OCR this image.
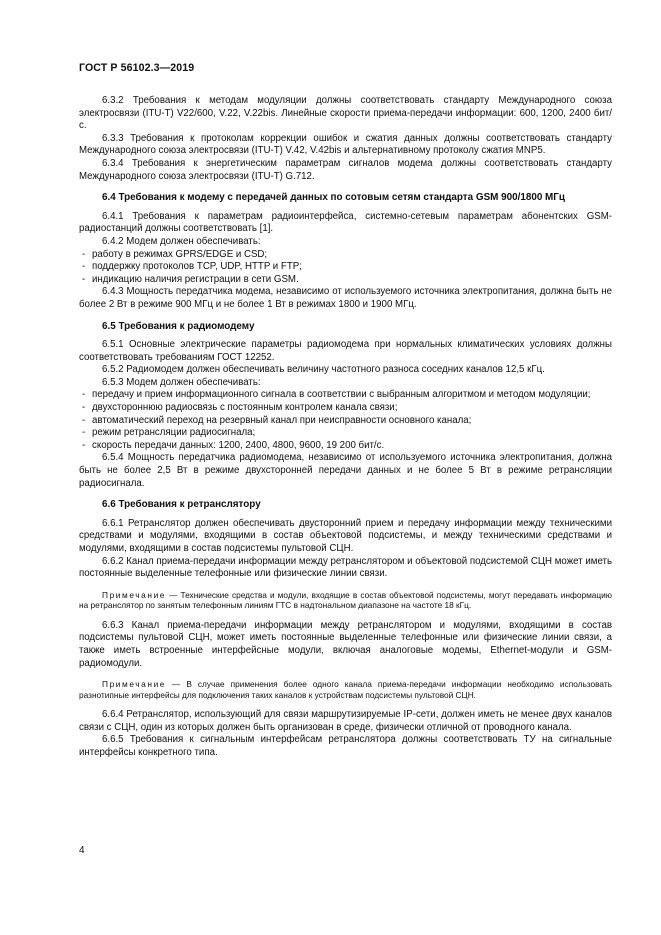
ГОСТ Р 56102.3—2019

6.3.2 Требования к методам модуляции должны соответствовать стандарту Международного союза электросвязи (ITU-T) V22/600, V.22, V.22bis. Линейные скорости приема-передачи информации: 600, 1200, 2400 бит/с.

6.3.3 Требования к протоколам коррекции ошибок и сжатия данных должны соответствовать стандарту Международного союза электросвязи (ITU-T) V.42, V.42bis и альтернативному протоколу сжатия MNP5.

6.3.4 Требования к энергетическим параметрам сигналов модема должны соответствовать стандарту Международного союза электросвязи (ITU-T) G.712.

6.4 Требования к модему с передачей данных по сотовым сетям стандарта GSM 900/1800 МГц

6.4.1 Требования к параметрам радиоинтерфейса, системно-сетевым параметрам абонентских GSM-радиостанций должны соответствовать [1].

6.4.2 Модем должен обеспечивать:

- работу в режимах GPRS/EDGE и CSD;

- поддержку протоколов TCP, UDP, HTTP и FTP;

- индикацию наличия регистрации в сети GSM.

6.4.3 Мощность передатчика модема, независимо от используемого источника электропитания, должна быть не более 2 Вт в режиме 900 МГц и не более 1 Вт в режимах 1800 и 1900 МГц.

6.5 Требования к радиомодему

6.5.1 Основные электрические параметры радиомодема при нормальных климатических условиях должны соответствовать требованиям ГОСТ 12252.

6.5.2 Радиомодем должен обеспечивать величину частотного разноса соседних каналов 12,5 кГц.

6.5.3 Модем должен обеспечивать:

- передачу и прием информационного сигнала в соответствии с выбранным алгоритмом и методом модуляции;

- двухстороннюю радиосвязь с постоянным контролем канала связи;

- автоматический переход на резервный канал при неисправности основного канала;

- режим ретрансляции радиосигнала;

- скорость передачи данных: 1200, 2400, 4800, 9600, 19 200 бит/с.

6.5.4 Мощность передатчика радиомодема, независимо от используемого источника электропитания, должна быть не более 2,5 Вт в режиме двухсторонней передачи данных и не более 5 Вт в режиме ретрансляции радиосигнала.

6.6 Требования к ретранслятору

6.6.1 Ретранслятор должен обеспечивать двусторонний прием и передачу информации между техническими средствами и модулями, входящими в состав объектовой подсистемы, и между техническими средствами и модулями, входящими в состав подсистемы пультовой СЦН.

6.6.2 Канал приема-передачи информации между ретранслятором и объектовой подсистемой СЦН может иметь постоянные выделенные телефонные или физические линии связи.

Примечание — Технические средства и модули, входящие в состав объектовой подсистемы, могут передавать информацию на ретранслятор по занятым телефонным линиям ГТС в надтональном диапазоне на частоте 18 кГц.

6.6.3 Канал приема-передачи информации между ретранслятором и модулями, входящими в состав подсистемы пультовой СЦН, может иметь постоянные выделенные телефонные или физические линии связи, а также иметь встроенные интерфейсные модули, включая аналоговые модемы, Ethernet-модули и GSM-радиомодули.

Примечание — В случае применения более одного канала приема-передачи информации необходимо использовать разнотипные интерфейсы для подключения таких каналов к устройствам подсистемы пультовой СЦН.

6.6.4 Ретранслятор, использующий для связи маршрутизируемые IP-сети, должен иметь не менее двух каналов связи с СЦН, один из которых должен быть организован в среде, физически отличной от проводного канала.

6.6.5 Требования к сигнальным интерфейсам ретранслятора должны соответствовать ТУ на сигнальные интерфейсы конкретного типа.

4
